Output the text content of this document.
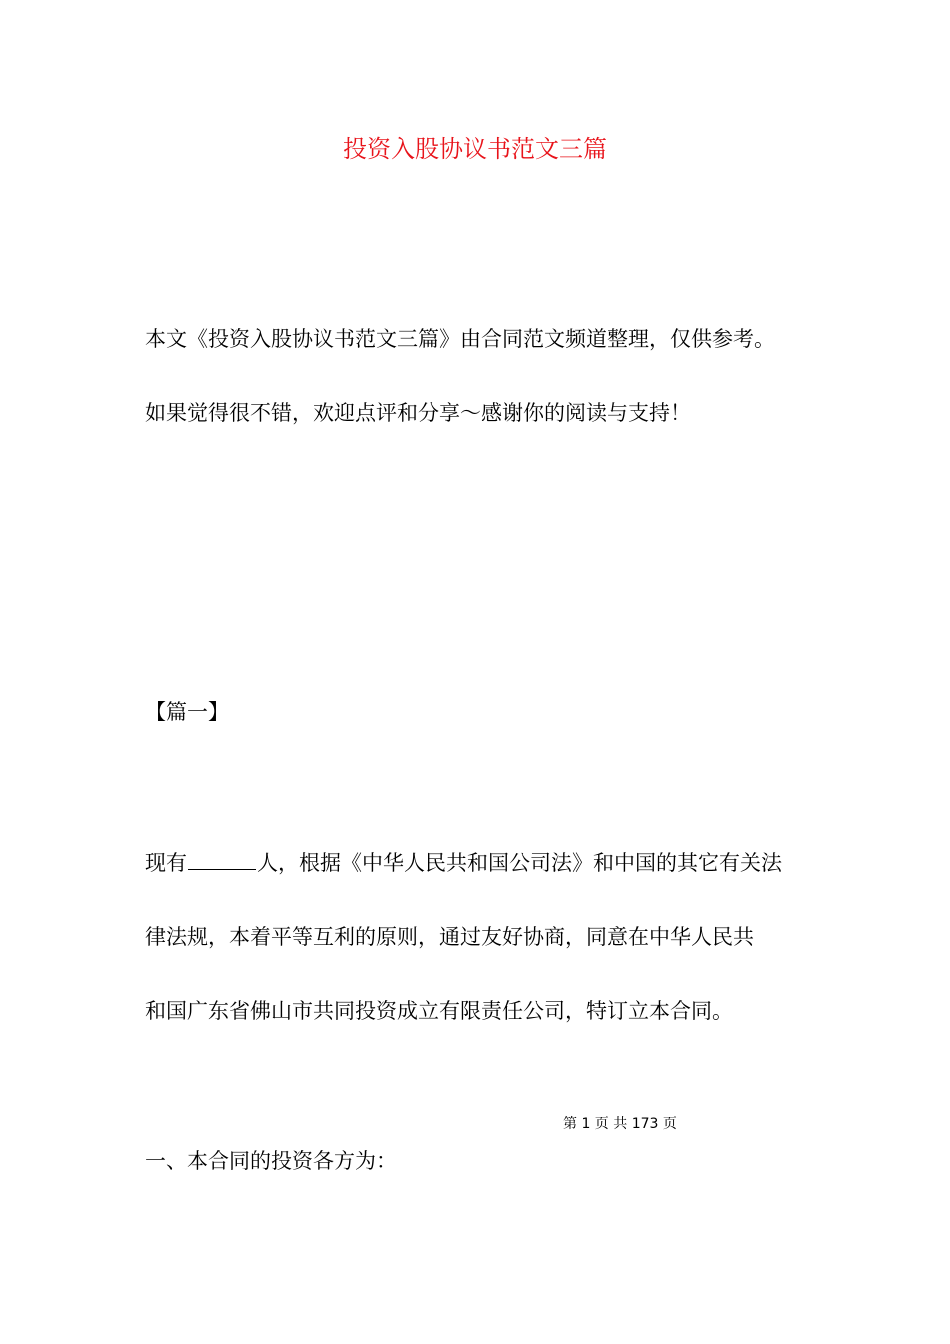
投资入股协议书范文三篇

本文《投资入股协议书范文三篇》由合同范文频道整理，仅供参考。

如果觉得很不错，欢迎点评和分享～感谢你的阅读与支持！

【篇一】

现有	人，根据《中华人民共和国公司法》和中国的其它有关法

律法规，本着平等互利的原则，通过友好协商，同意在中华人民共

和国广东省佛山市共同投资成立有限责任公司，特订立本合同。

第 1 页 共 173 页

一、本合同的投资各方为：
